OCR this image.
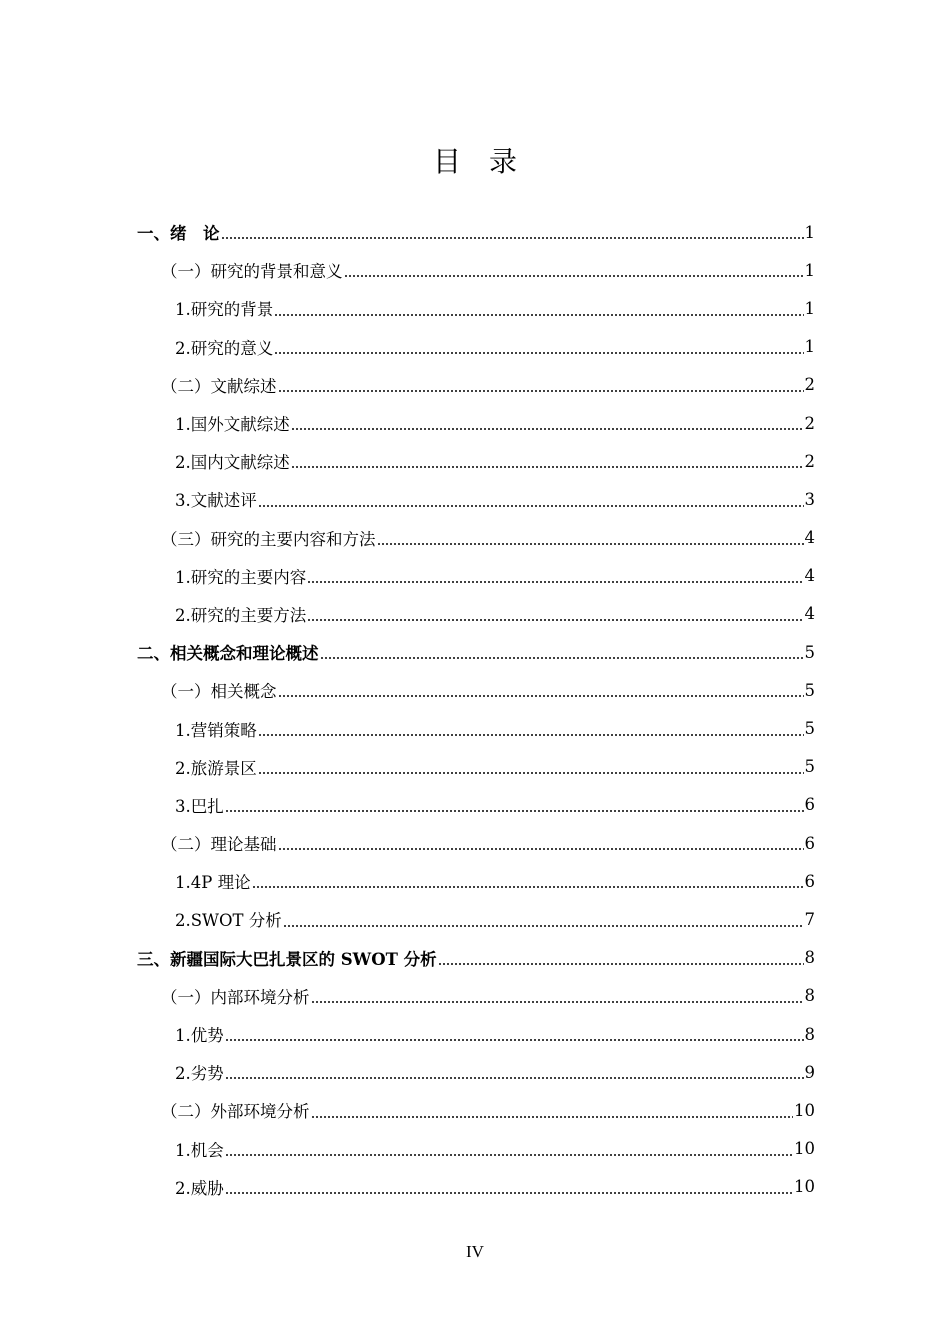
目录
一、绪　论	1
（一）研究的背景和意义	1
1.研究的背景	1
2.研究的意义	1
（二）文献综述	2
1.国外文献综述	2
2.国内文献综述	2
3.文献述评	3
（三）研究的主要内容和方法	4
1.研究的主要内容	4
2.研究的主要方法	4
二、相关概念和理论概述	5
（一）相关概念	5
1.营销策略	5
2.旅游景区	5
3.巴扎	6
（二）理论基础	6
1.4P 理论	6
2.SWOT 分析	7
三、新疆国际大巴扎景区的 SWOT 分析	8
（一）内部环境分析	8
1.优势	8
2.劣势	9
（二）外部环境分析	10
1.机会	10
2.威胁	10
IV
